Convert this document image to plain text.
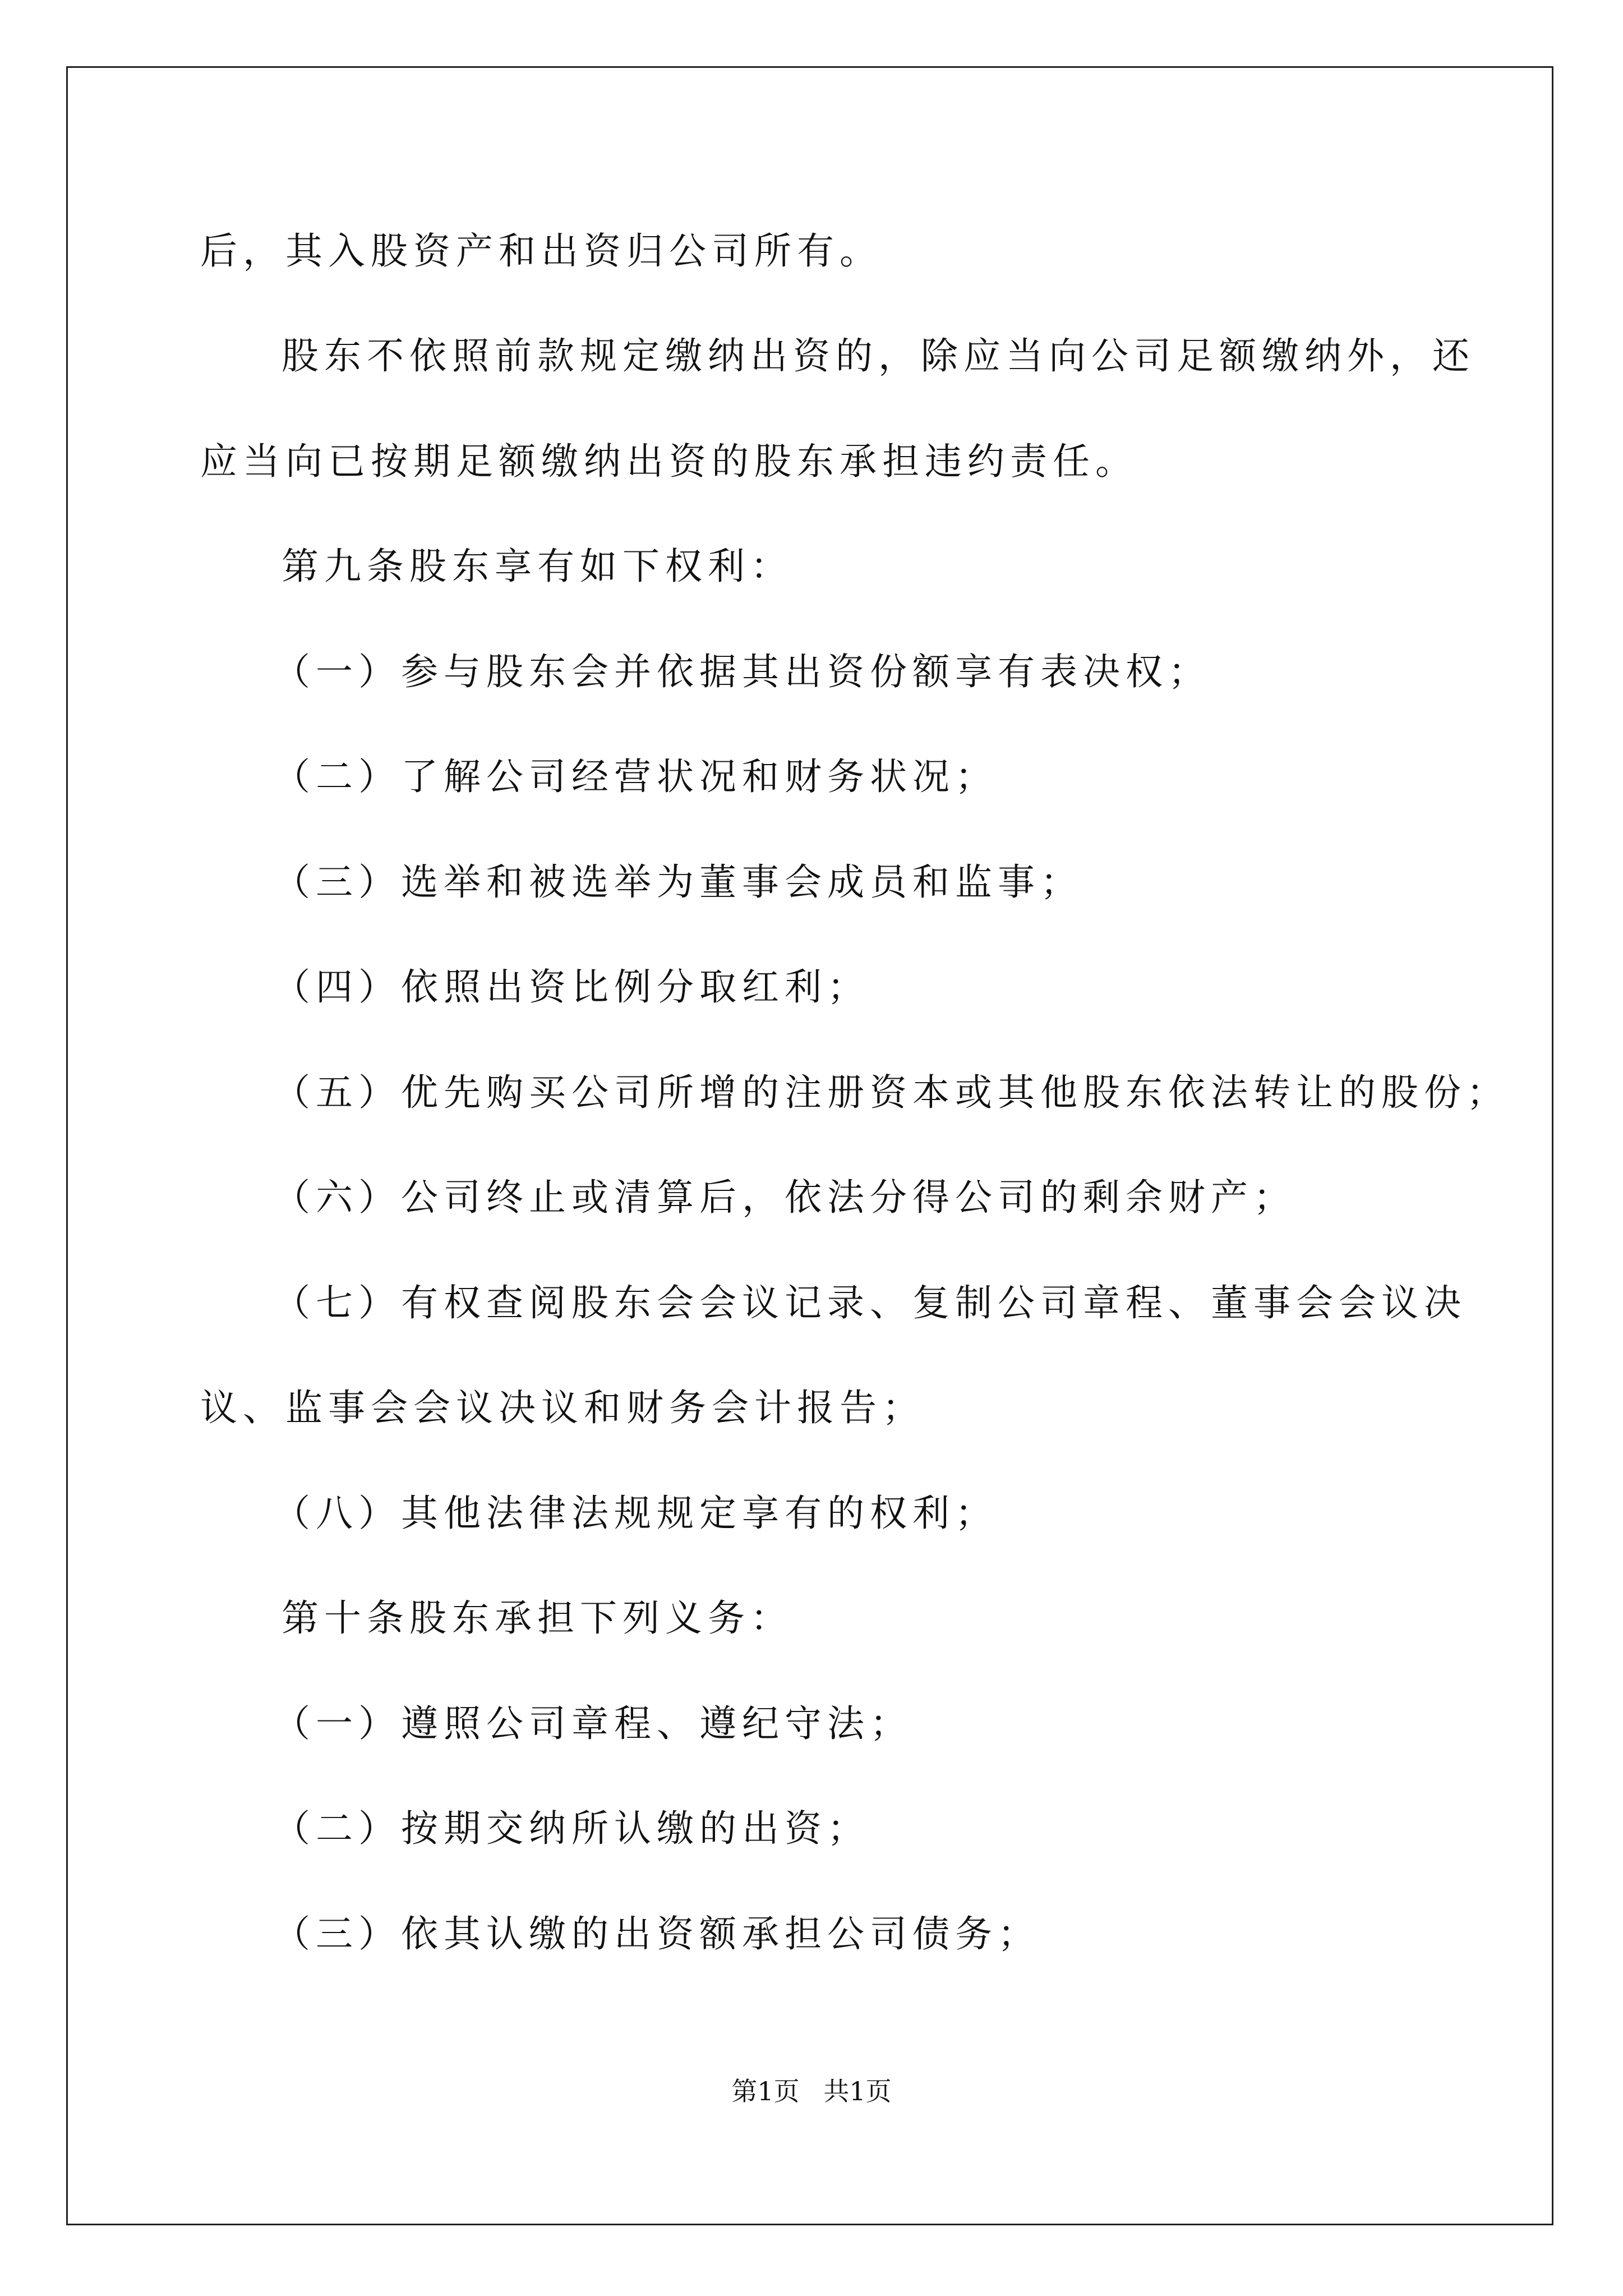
后，其入股资产和出资归公司所有。

股东不依照前款规定缴纳出资的，除应当向公司足额缴纳外，还

应当向已按期足额缴纳出资的股东承担违约责任。

第九条股东享有如下权利：

（一）参与股东会并依据其出资份额享有表决权；

（二）了解公司经营状况和财务状况；

（三）选举和被选举为董事会成员和监事；

（四）依照出资比例分取红利；

（五）优先购买公司所增的注册资本或其他股东依法转让的股份；

（六）公司终止或清算后，依法分得公司的剩余财产；

（七）有权查阅股东会会议记录、复制公司章程、董事会会议决

议、监事会会议决议和财务会计报告；

（八）其他法律法规规定享有的权利；

第十条股东承担下列义务：

（一）遵照公司章程、遵纪守法；

（二）按期交纳所认缴的出资；

（三）依其认缴的出资额承担公司债务；

第1页 共1页
